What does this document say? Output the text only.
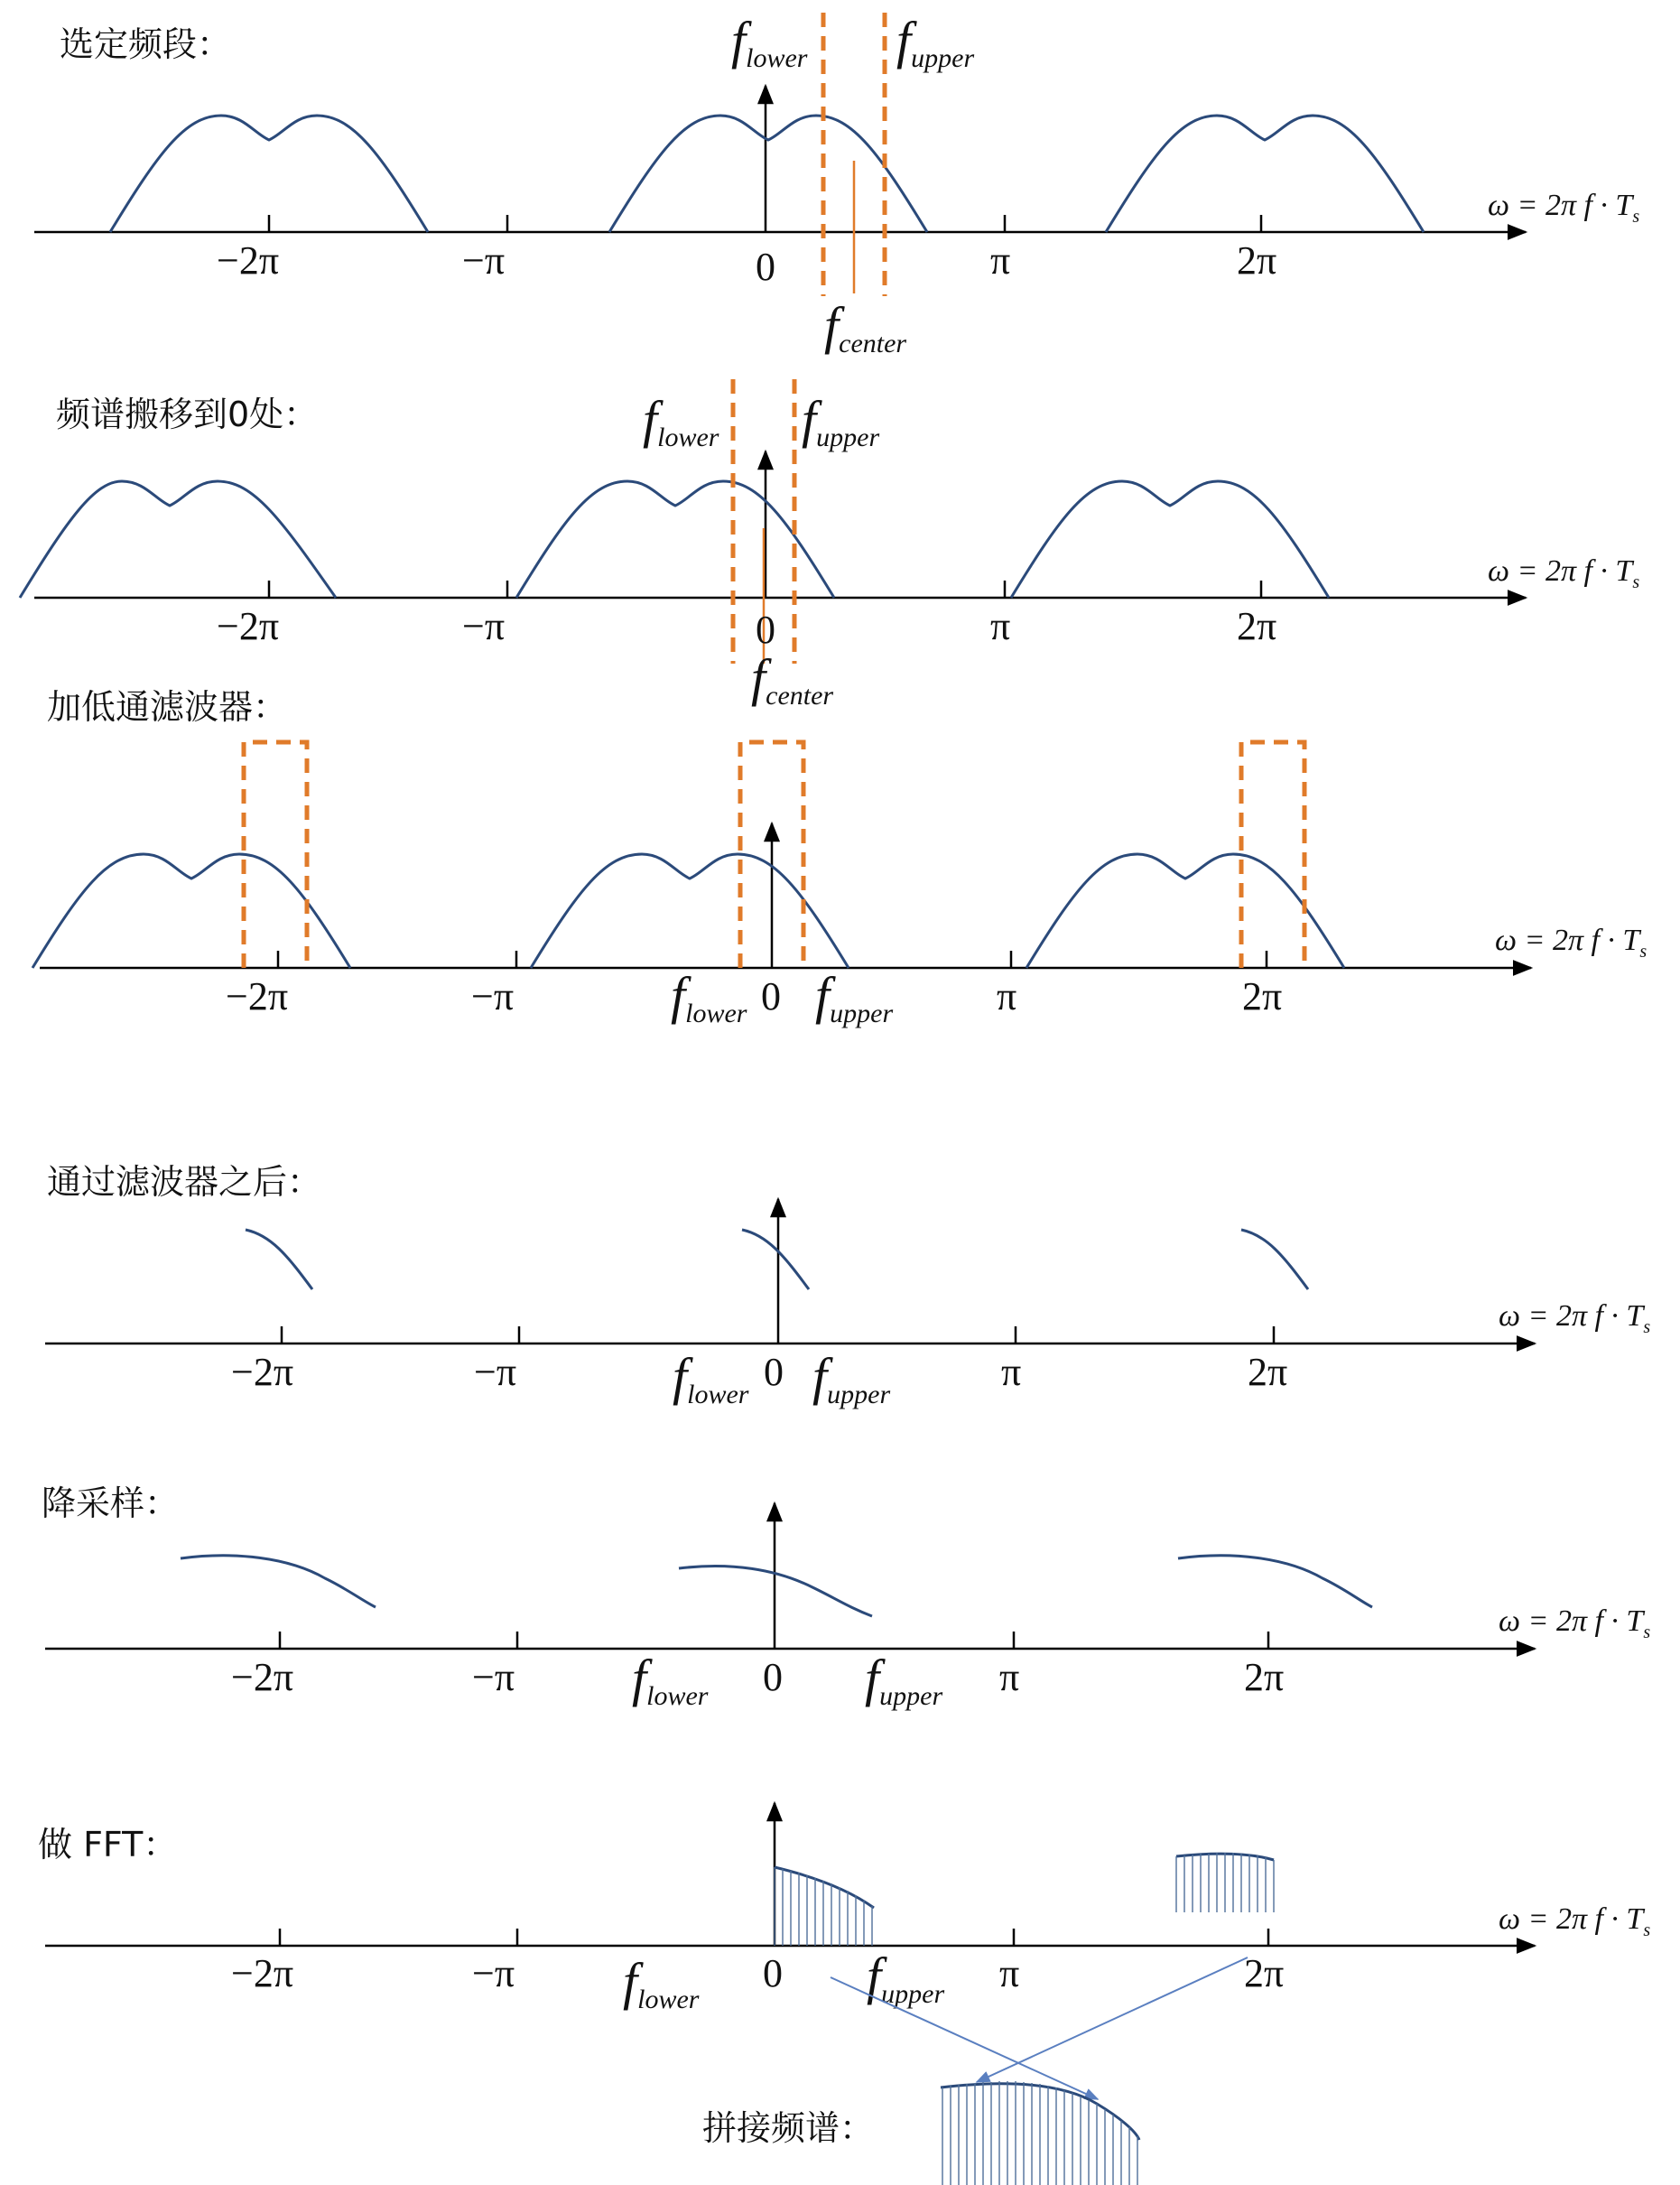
选定频段：
−2π	−π	0	π	2π
flower fupper
fcenter
ω = 2π $f \cdot T_s$
频谱搬移到0处：
−2π	−π	0	π	2π
flower fupper
fcenter
ω = 2π $f \cdot T_s$
加低通滤波器：
−2π	−π	0	π	2π
flower fupper
ω = 2π $f \cdot T_s$
通过滤波器之后：
−2π	−π	0	π	2π
flower fupper
ω = 2π $f \cdot T_s$
降采样：
−2π	−π	0	π	2π
flower	fupper
ω = 2π $f \cdot T_s$
做 FFT：
−2π	−π	0	π	2π
flower	fupper
ω = 2π $f \cdot T_s$
拼接频谱：
